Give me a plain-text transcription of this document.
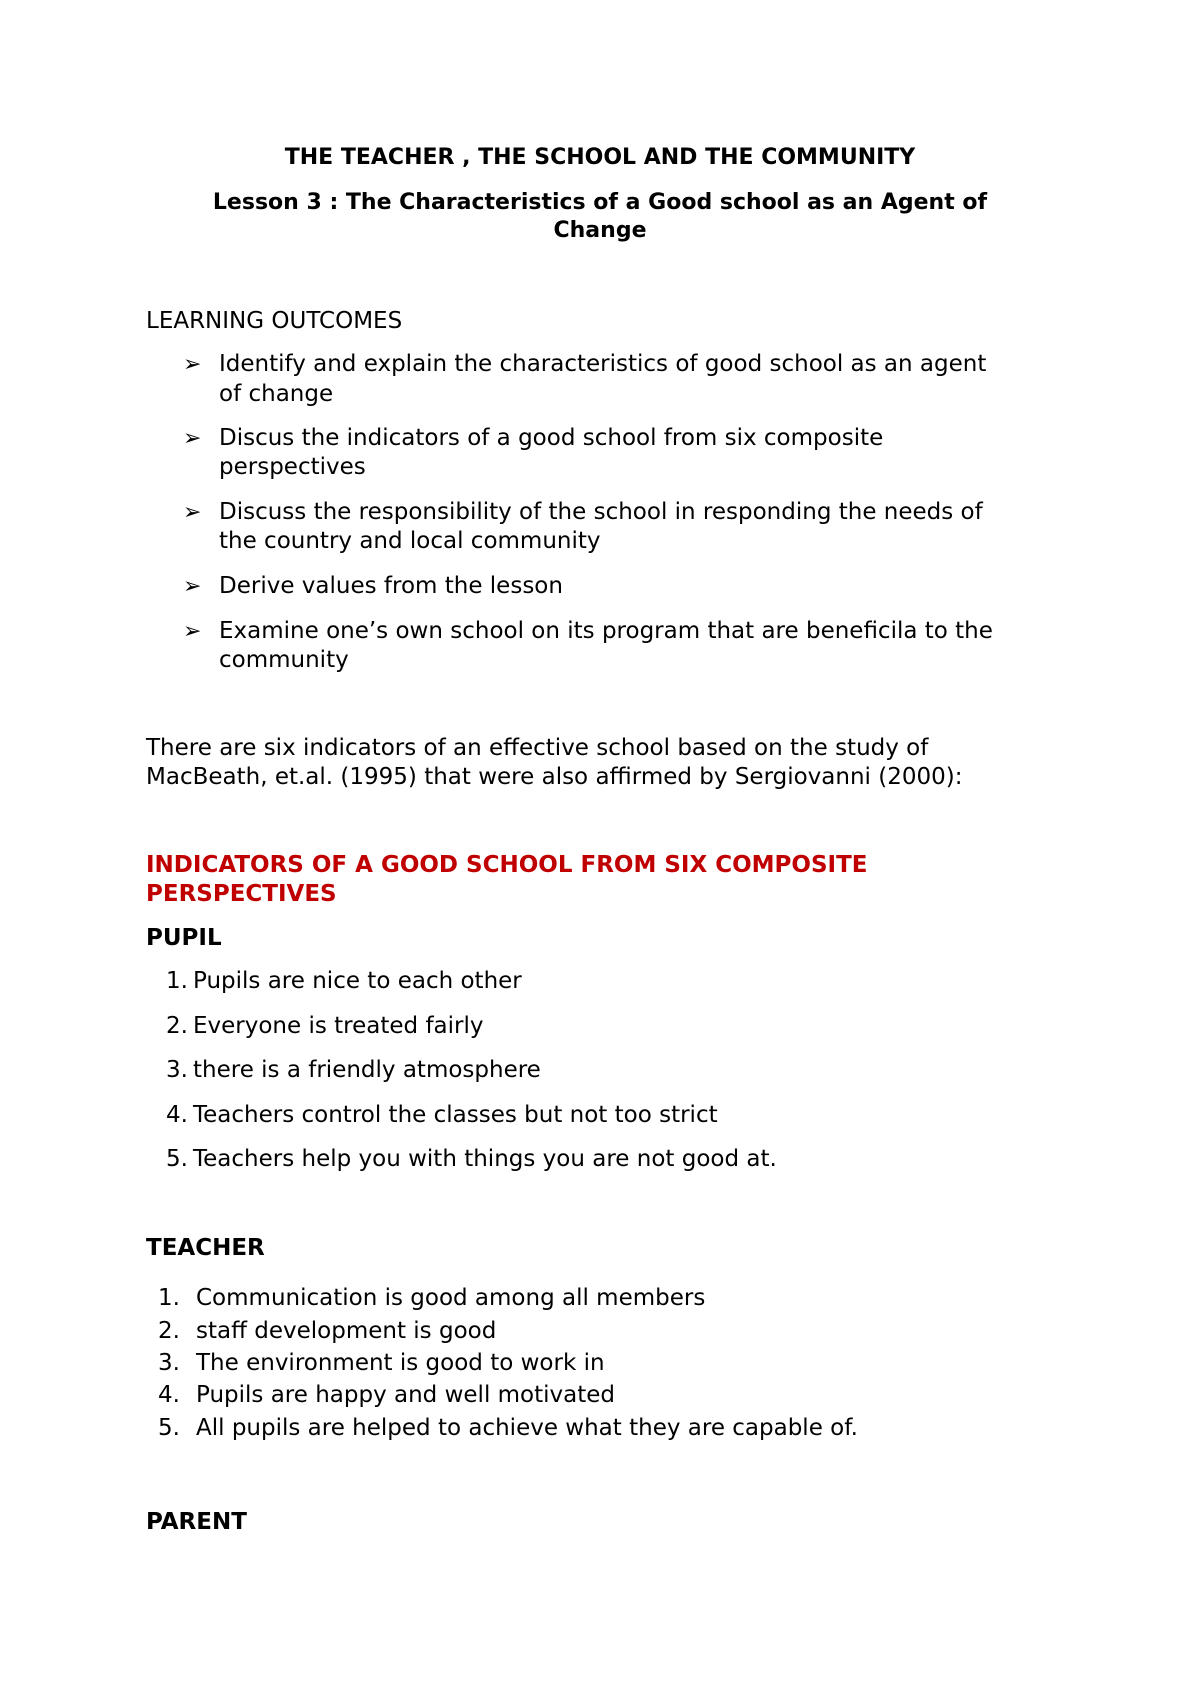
THE TEACHER , THE SCHOOL AND THE COMMUNITY
Lesson 3 : The Characteristics of a Good school as an Agent of
Change
LEARNING OUTCOMES
➢ Identify and explain the characteristics of good school as an agent
of change
➢ Discus the indicators of a good school from six composite
perspectives
➢ Discuss the responsibility of the school in responding the needs of
the country and local community
➢ Derive values from the lesson
➢ Examine one’s own school on its program that are beneficila to the
community
There are six indicators of an effective school based on the study of
MacBeath, et.al. (1995) that were also affirmed by Sergiovanni (2000):
INDICATORS OF A GOOD SCHOOL FROM SIX COMPOSITE
PERSPECTIVES
PUPIL
1. Pupils are nice to each other
2. Everyone is treated fairly
3. there is a friendly atmosphere
4. Teachers control the classes but not too strict
5. Teachers help you with things you are not good at.
TEACHER
1. Communication is good among all members
2. staff development is good
3. The environment is good to work in
4. Pupils are happy and well motivated
5. All pupils are helped to achieve what they are capable of.
PARENT
